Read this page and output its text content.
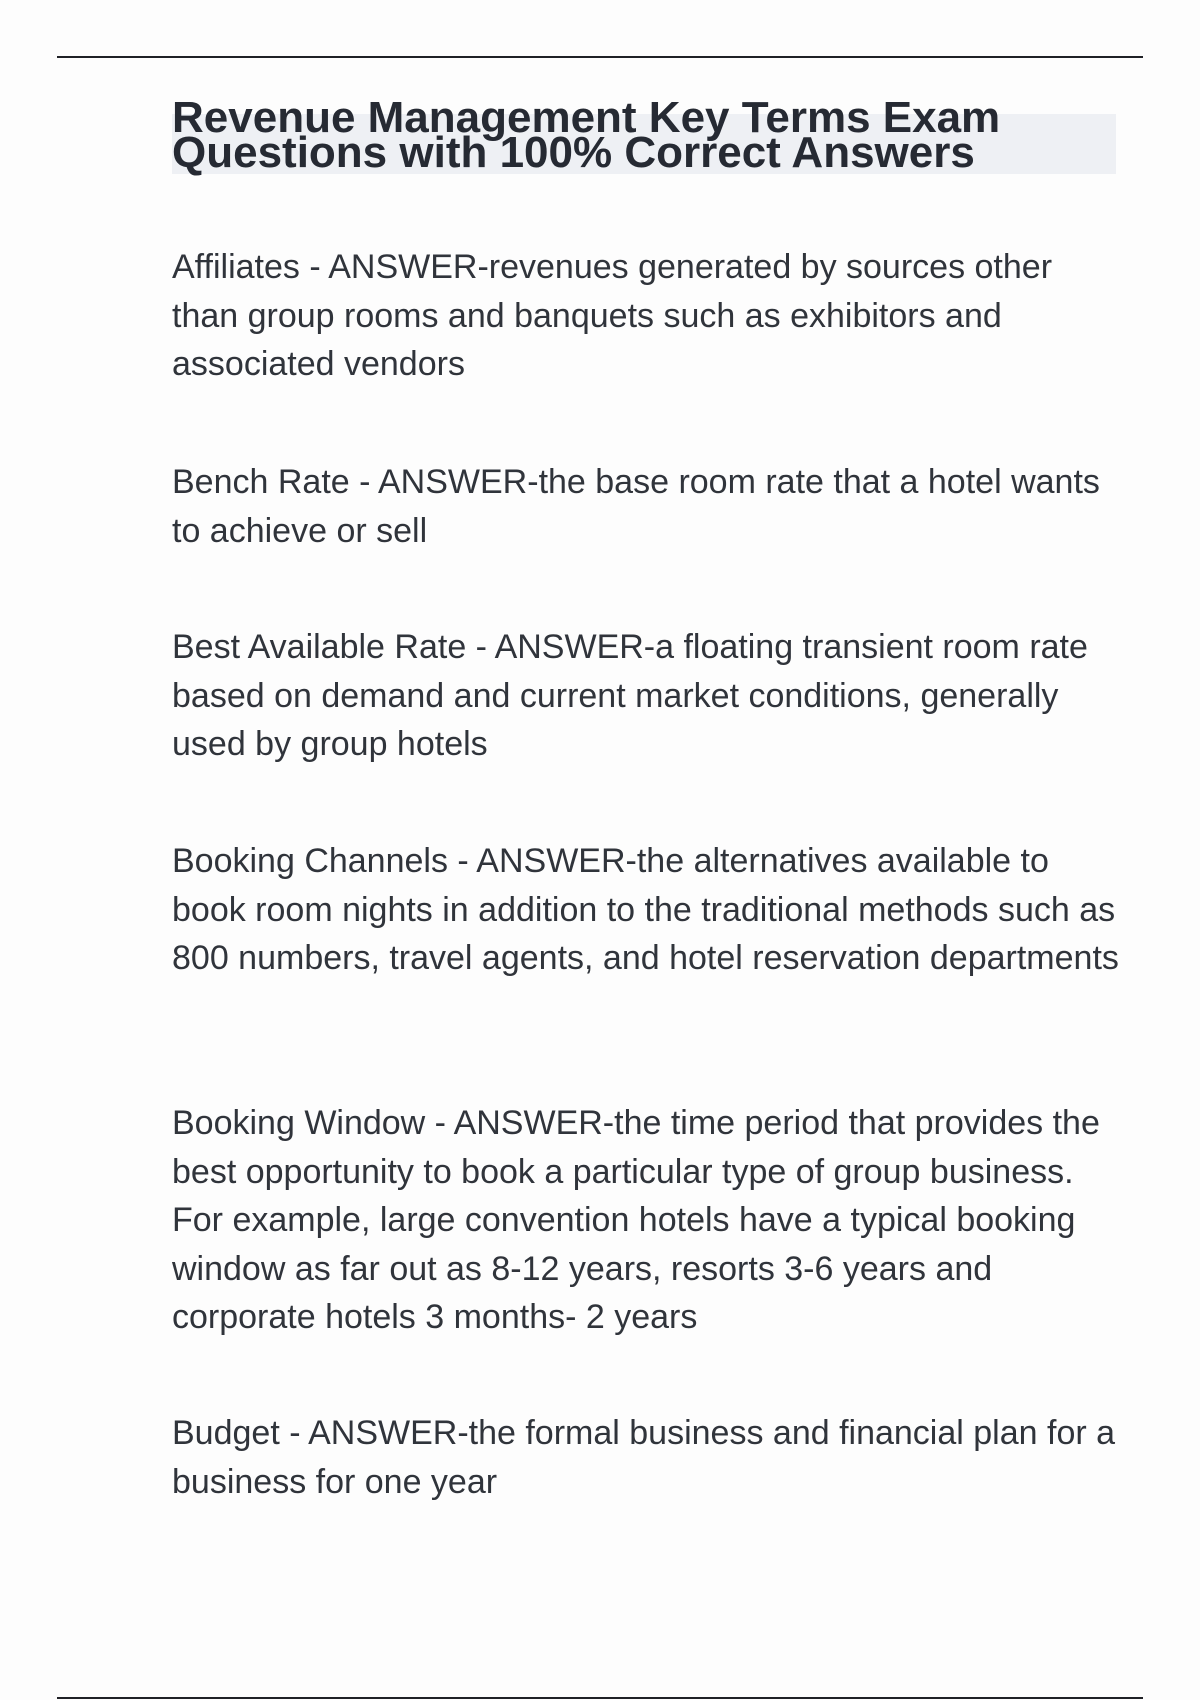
Revenue Management Key Terms Exam
Questions with 100% Correct Answers

Affiliates - ANSWER-revenues generated by sources other than group rooms and banquets such as exhibitors and associated vendors

Bench Rate - ANSWER-the base room rate that a hotel wants to achieve or sell

Best Available Rate - ANSWER-a floating transient room rate based on demand and current market conditions, generally used by group hotels

Booking Channels - ANSWER-the alternatives available to book room nights in addition to the traditional methods such as 800 numbers, travel agents, and hotel reservation departments

Booking Window - ANSWER-the time period that provides the best opportunity to book a particular type of group business. For example, large convention hotels have a typical booking window as far out as 8-12 years, resorts 3-6 years and corporate hotels 3 months- 2 years

Budget - ANSWER-the formal business and financial plan for a business for one year
